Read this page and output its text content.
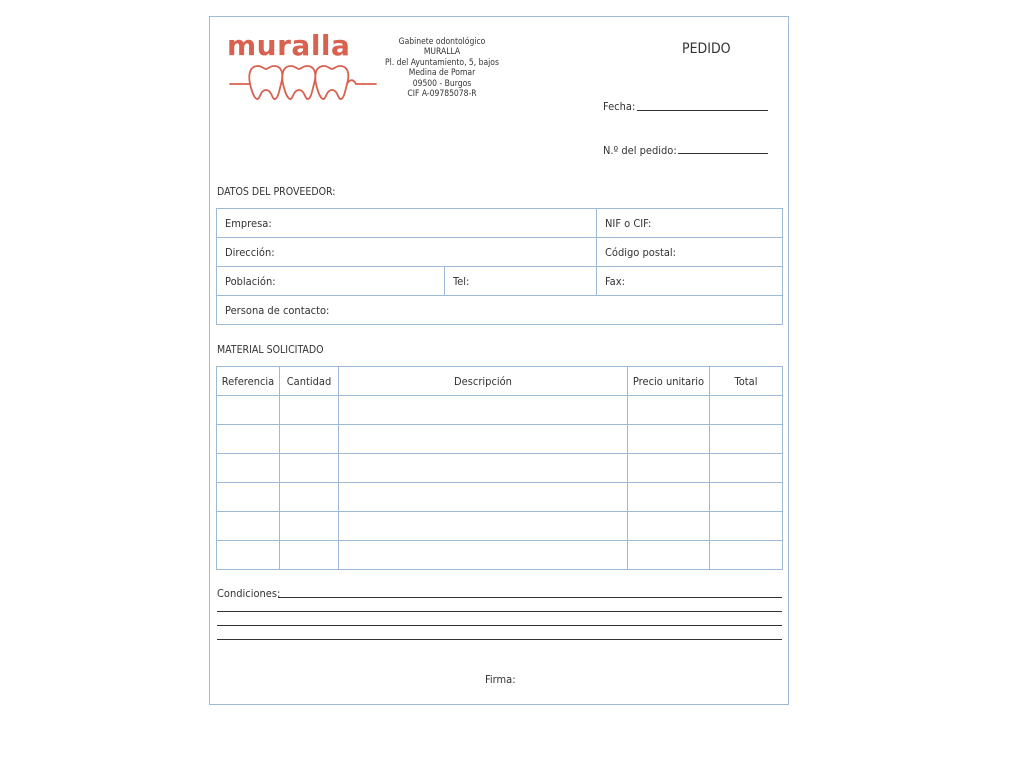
muralla	Gabinete odontológico
MURALLA
Pl. del Ayuntamiento, 5, bajos
Medina de Pomar
09500 - Burgos
CIF A-09785078-R
PEDIDO
Fecha:
N.º del pedido:
DATOS DEL PROVEEDOR:
Empresa:		NIF o CIF:
Dirección:		Código postal:
Población:	Tel:	Fax:
Persona de contacto:		
MATERIAL SOLICITADO
Referencia	Cantidad	Descripción	Precio unitario	Total

Condiciones:
Firma:
